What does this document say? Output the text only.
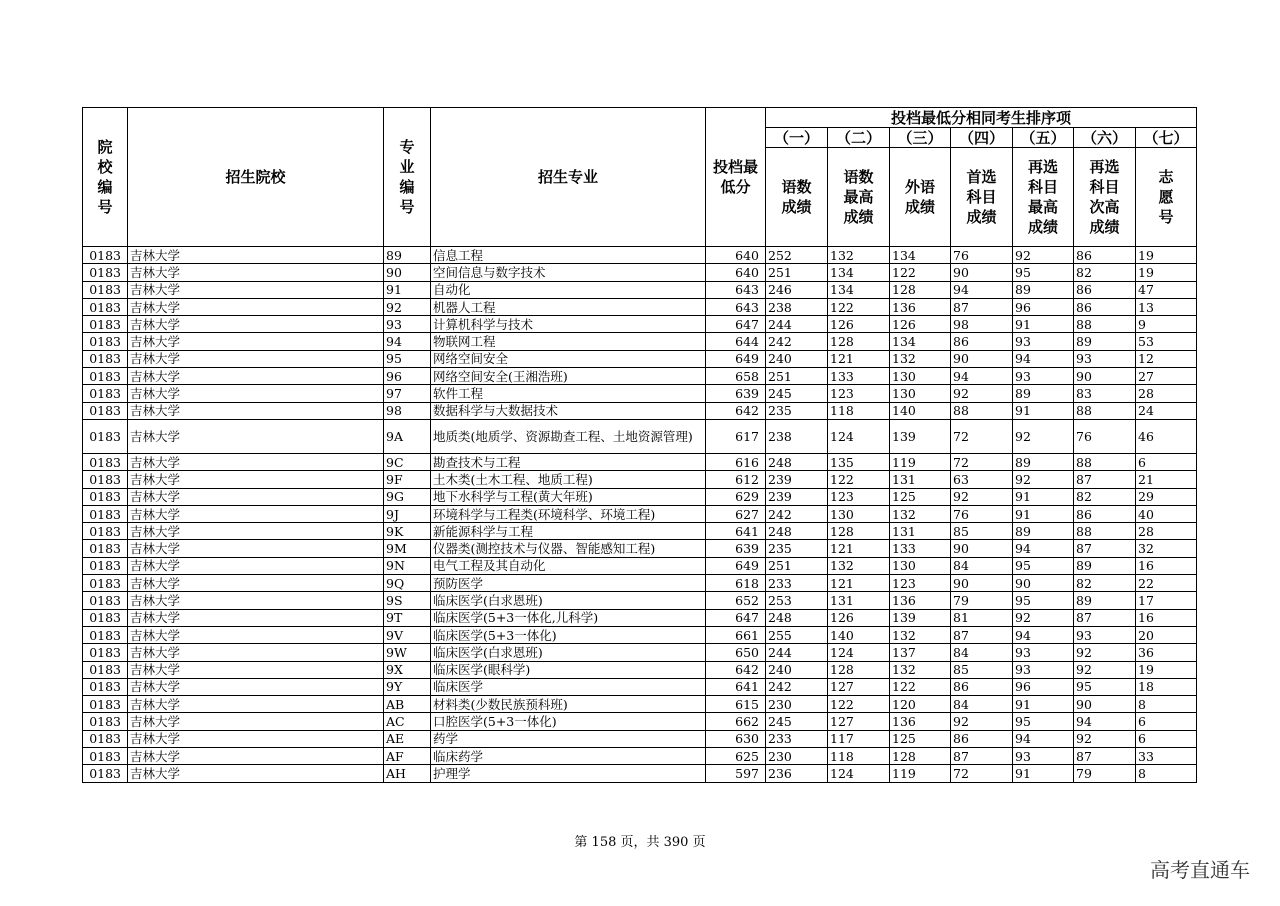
院校编号	招生院校	专业编号	招生专业	投档最低分	投档最低分相同考生排序项						
					（一）	（二）	（三）	（四）	（五）	（六）	（七）
					语数成绩	语数最高成绩	外语成绩	首选科目成绩	再选科目最高成绩	再选科目次高成绩	志愿号
0183	吉林大学	89	信息工程	640	252	132	134	76	92	86	19
0183	吉林大学	90	空间信息与数字技术	640	251	134	122	90	95	82	19
0183	吉林大学	91	自动化	643	246	134	128	94	89	86	47
0183	吉林大学	92	机器人工程	643	238	122	136	87	96	86	13
0183	吉林大学	93	计算机科学与技术	647	244	126	126	98	91	88	9
0183	吉林大学	94	物联网工程	644	242	128	134	86	93	89	53
0183	吉林大学	95	网络空间安全	649	240	121	132	90	94	93	12
0183	吉林大学	96	网络空间安全(王湘浩班)	658	251	133	130	94	93	90	27
0183	吉林大学	97	软件工程	639	245	123	130	92	89	83	28
0183	吉林大学	98	数据科学与大数据技术	642	235	118	140	88	91	88	24
0183	吉林大学	9A	地质类(地质学、资源勘查工程、土地资源管理)	617	238	124	139	72	92	76	46
0183	吉林大学	9C	勘查技术与工程	616	248	135	119	72	89	88	6
0183	吉林大学	9F	土木类(土木工程、地质工程)	612	239	122	131	63	92	87	21
0183	吉林大学	9G	地下水科学与工程(黄大年班)	629	239	123	125	92	91	82	29
0183	吉林大学	9J	环境科学与工程类(环境科学、环境工程)	627	242	130	132	76	91	86	40
0183	吉林大学	9K	新能源科学与工程	641	248	128	131	85	89	88	28
0183	吉林大学	9M	仪器类(测控技术与仪器、智能感知工程)	639	235	121	133	90	94	87	32
0183	吉林大学	9N	电气工程及其自动化	649	251	132	130	84	95	89	16
0183	吉林大学	9Q	预防医学	618	233	121	123	90	90	82	22
0183	吉林大学	9S	临床医学(白求恩班)	652	253	131	136	79	95	89	17
0183	吉林大学	9T	临床医学(5+3一体化,儿科学)	647	248	126	139	81	92	87	16
0183	吉林大学	9V	临床医学(5+3一体化)	661	255	140	132	87	94	93	20
0183	吉林大学	9W	临床医学(白求恩班)	650	244	124	137	84	93	92	36
0183	吉林大学	9X	临床医学(眼科学)	642	240	128	132	85	93	92	19
0183	吉林大学	9Y	临床医学	641	242	127	122	86	96	95	18
0183	吉林大学	AB	材料类(少数民族预科班)	615	230	122	120	84	91	90	8
0183	吉林大学	AC	口腔医学(5+3一体化)	662	245	127	136	92	95	94	6
0183	吉林大学	AE	药学	630	233	117	125	86	94	92	6
0183	吉林大学	AF	临床药学	625	230	118	128	87	93	87	33
0183	吉林大学	AH	护理学	597	236	124	119	72	91	79	8
第 158 页，共 390 页
高考直通车
